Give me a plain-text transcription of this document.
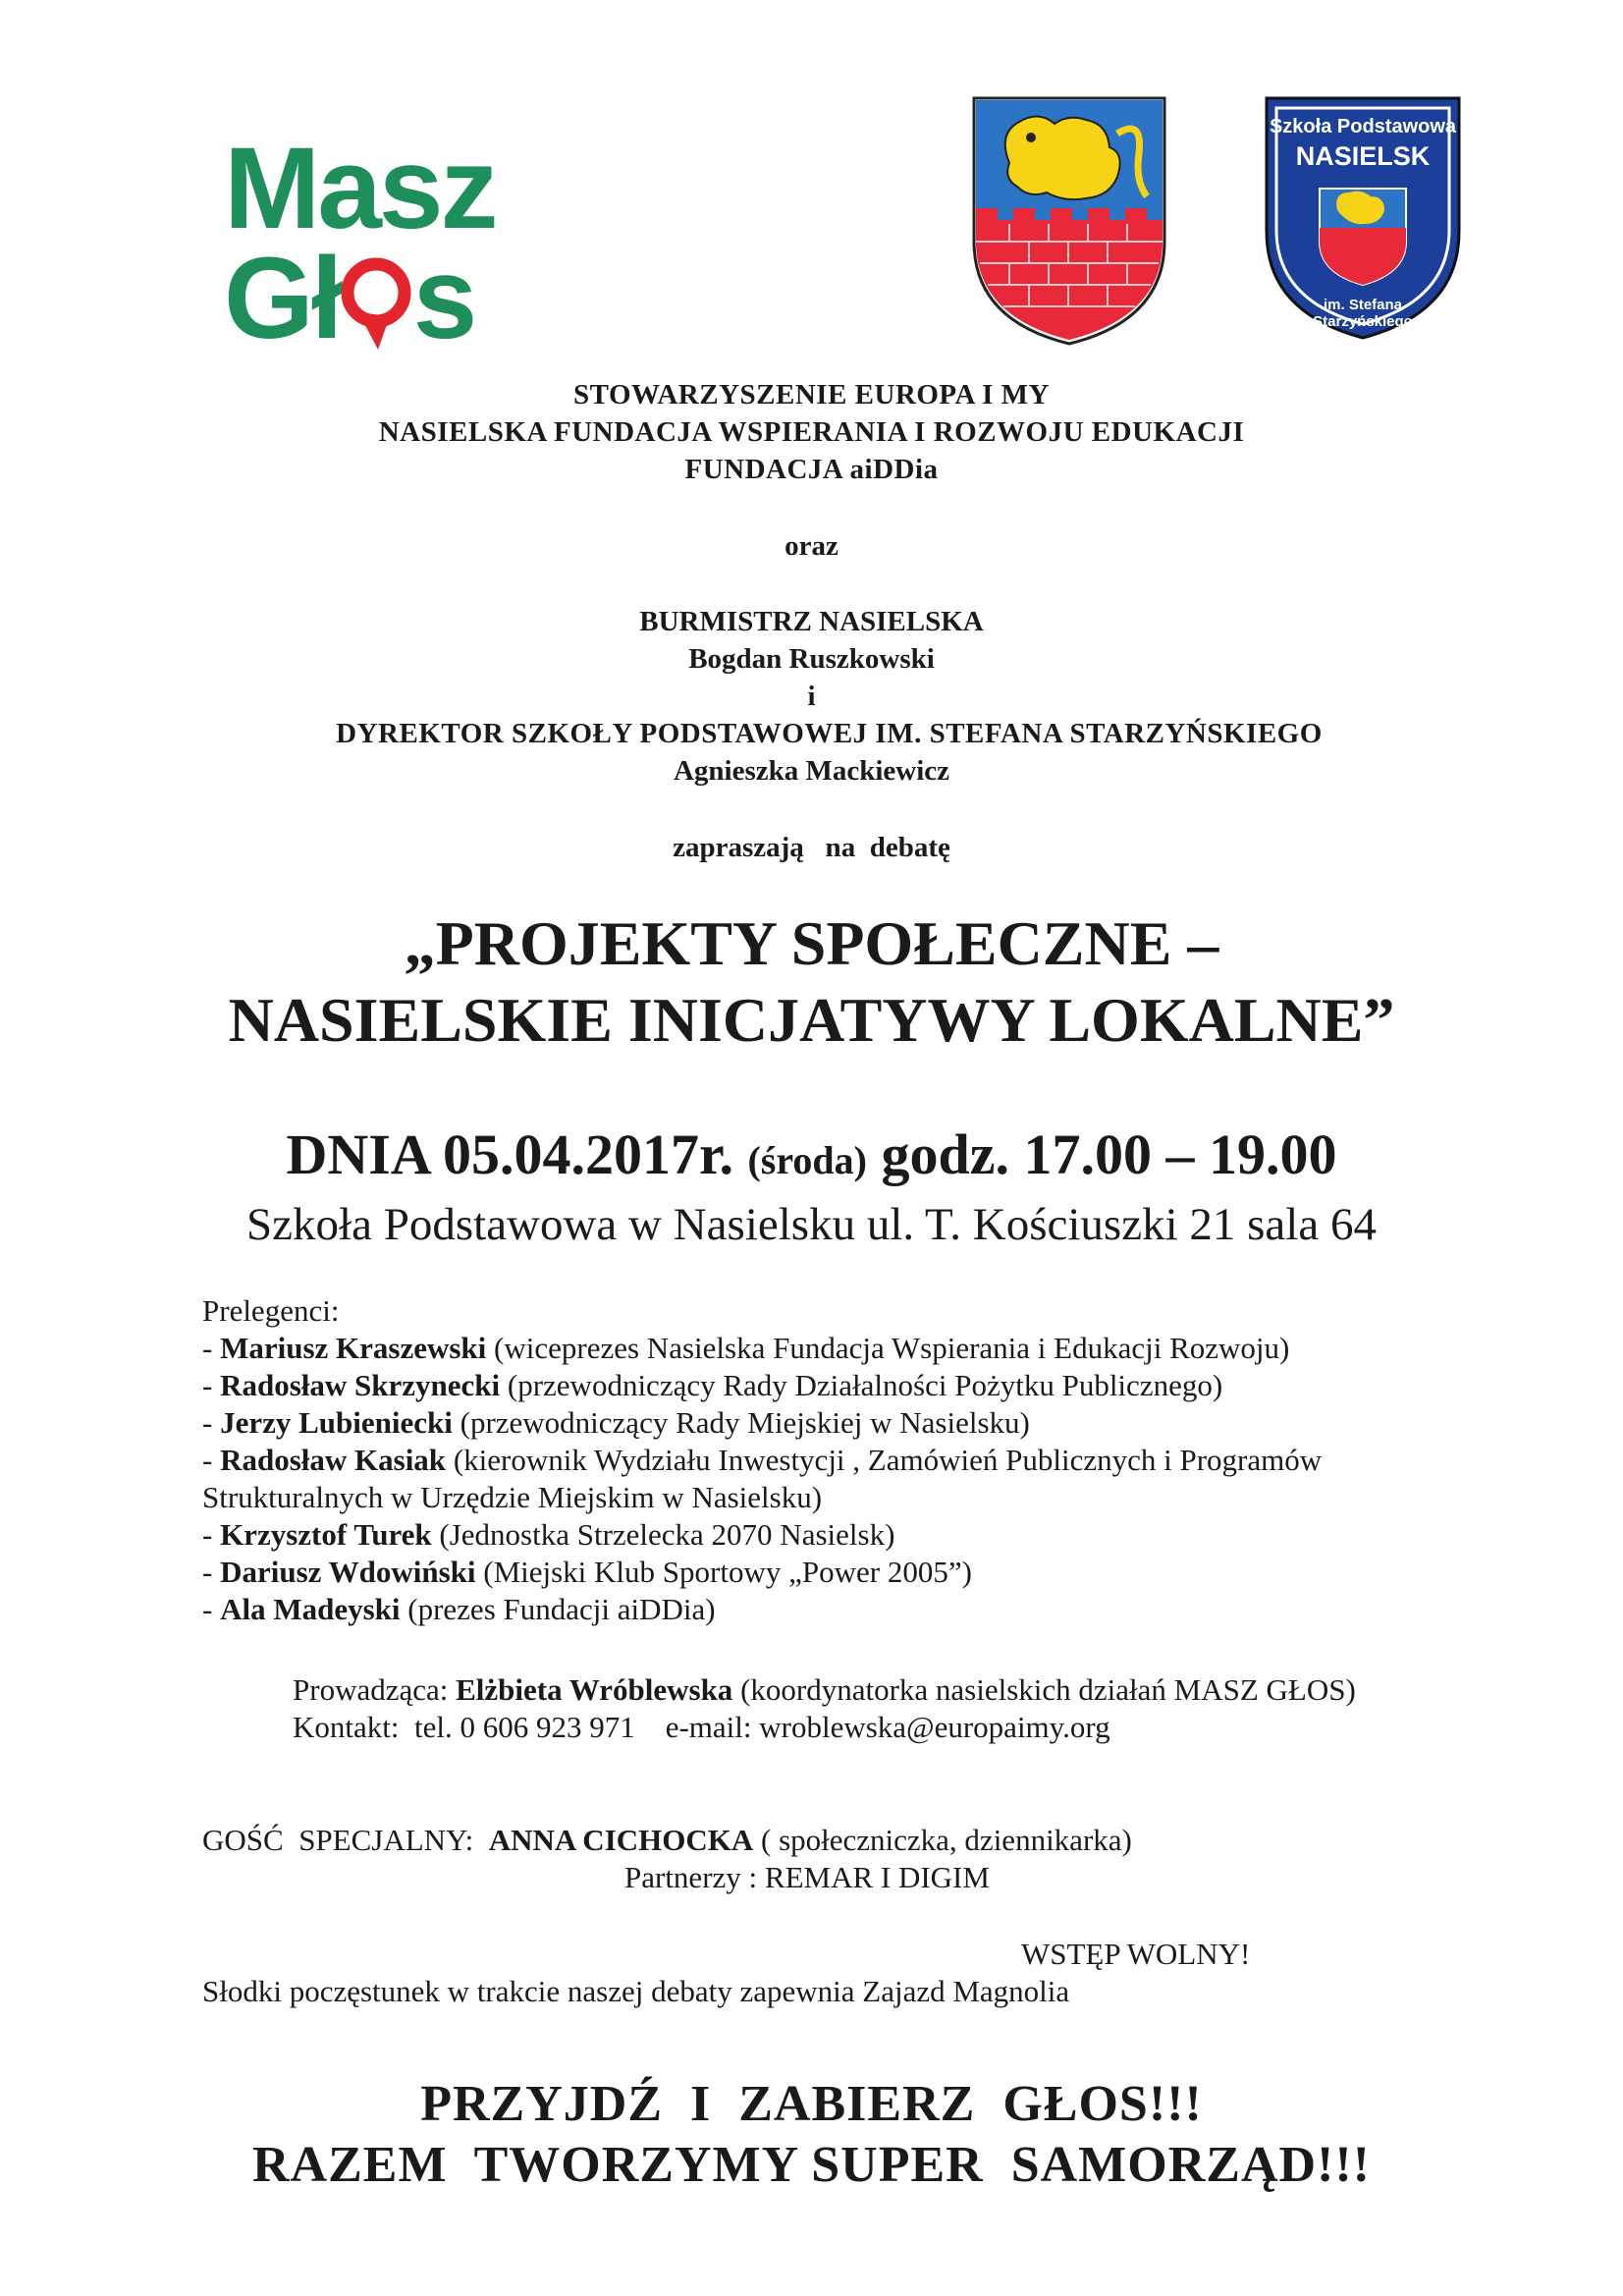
Masz
Gł s
Szkoła Podstawowa
NASIELSK
im. Stefana Starzyńskiego
STOWARZYSZENIE EUROPA I MY
NASIELSKA FUNDACJA WSPIERANIA I ROZWOJU EDUKACJI
FUNDACJA aiDDia
oraz
BURMISTRZ NASIELSKA
Bogdan Ruszkowski
i
DYREKTOR SZKOŁY PODSTAWOWEJ IM. STEFANA STARZYŃSKIEGO
Agnieszka Mackiewicz
zapraszają   na  debatę
„PROJEKTY SPOŁECZNE –
NASIELSKIE INICJATYWY LOKALNE”
DNIA 05.04.2017r. (środa) godz. 17.00 – 19.00
Szkoła Podstawowa w Nasielsku ul. T. Kościuszki 21 sala 64
Prelegenci:
- Mariusz Kraszewski (wiceprezes Nasielska Fundacja Wspierania i Edukacji Rozwoju)
- Radosław Skrzynecki (przewodniczący Rady Działalności Pożytku Publicznego)
- Jerzy Lubieniecki (przewodniczący Rady Miejskiej w Nasielsku)
- Radosław Kasiak (kierownik Wydziału Inwestycji , Zamówień Publicznych i Programów
Strukturalnych w Urzędzie Miejskim w Nasielsku)
- Krzysztof Turek (Jednostka Strzelecka 2070 Nasielsk)
- Dariusz Wdowiński (Miejski Klub Sportowy „Power 2005”)
- Ala Madeyski (prezes Fundacji aiDDia)
Prowadząca: Elżbieta Wróblewska (koordynatorka nasielskich działań MASZ GŁOS)
Kontakt:  tel. 0 606 923 971    e-mail: wroblewska@europaimy.org
GOŚĆ  SPECJALNY:  ANNA CICHOCKA ( społeczniczka, dziennikarka)
Partnerzy : REMAR I DIGIM
WSTĘP WOLNY!
Słodki poczęstunek w trakcie naszej debaty zapewnia Zajazd Magnolia
PRZYJDŹ  I  ZABIERZ  GŁOS!!!
RAZEM  TWORZYMY SUPER  SAMORZĄD!!!
